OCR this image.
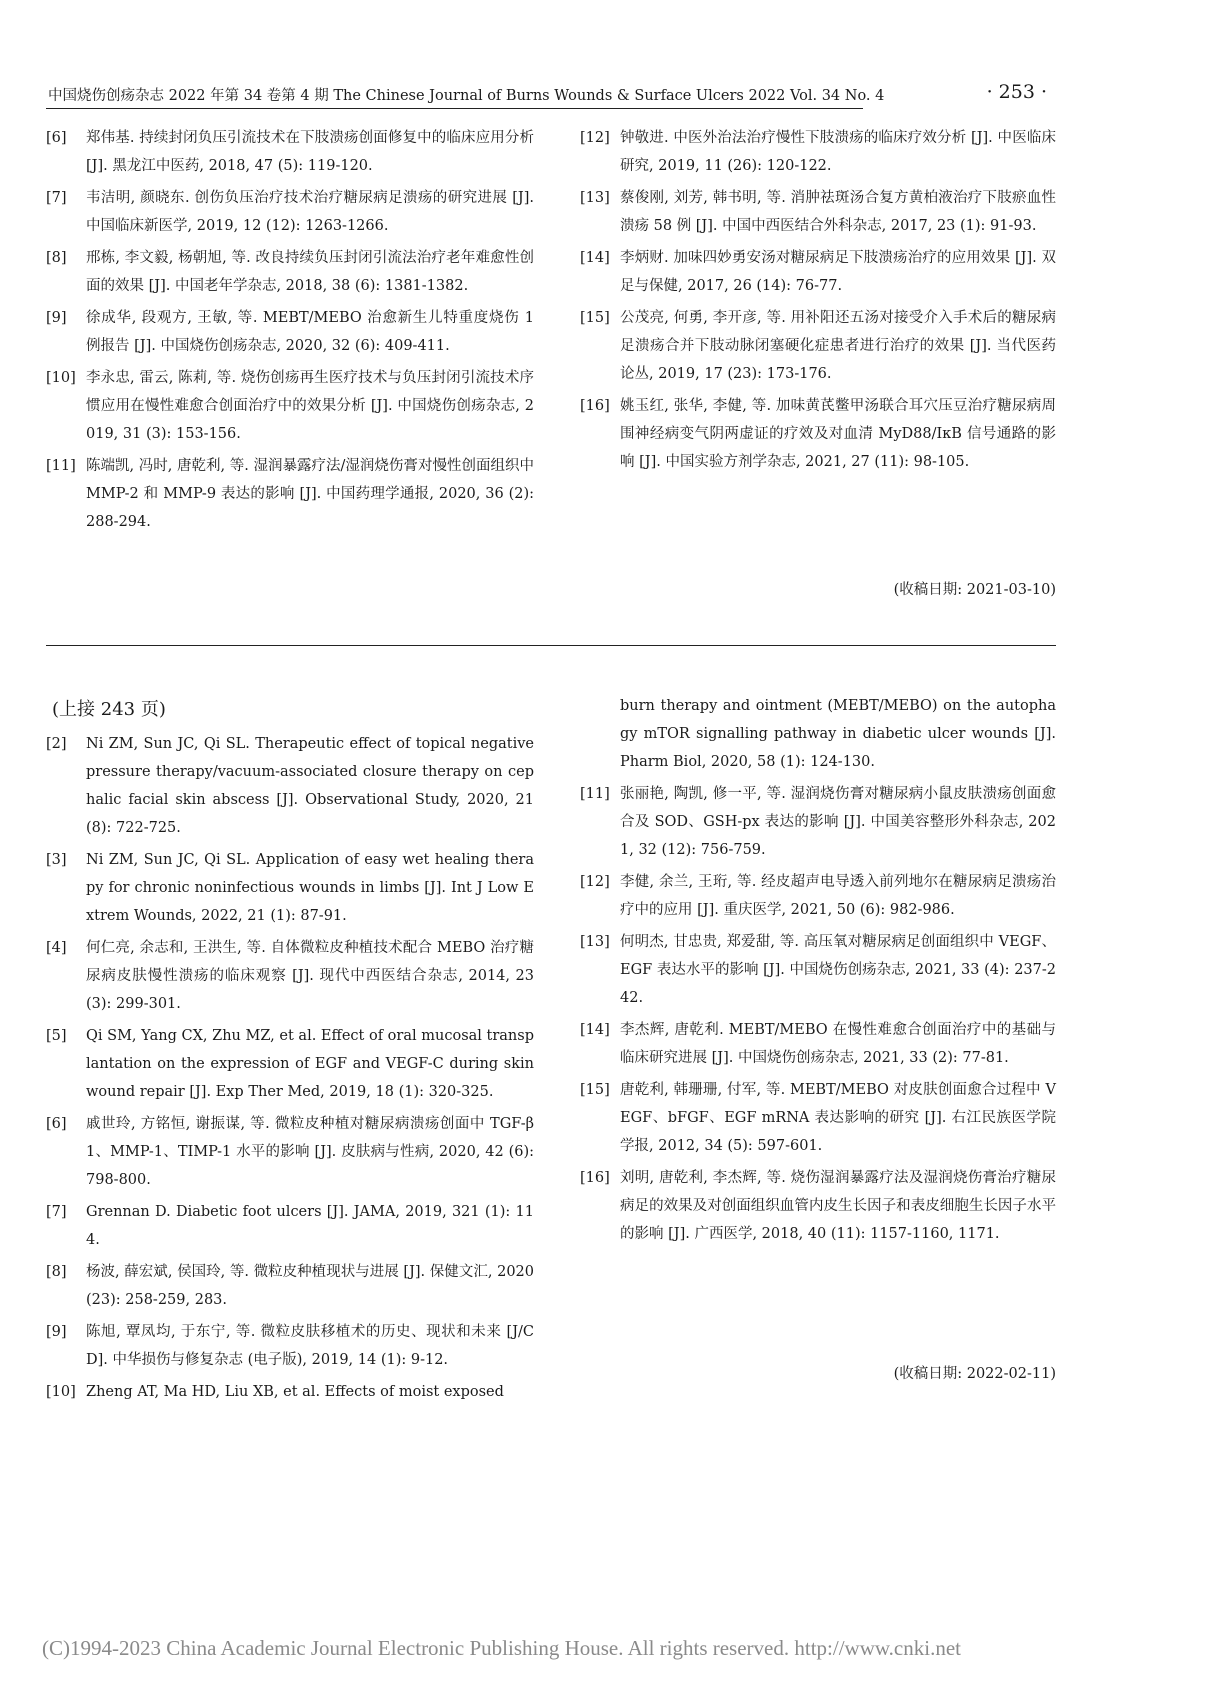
中国烧伤创疡杂志 2022 年第 34 卷第 4 期 The Chinese Journal of Burns Wounds & Surface Ulcers 2022 Vol. 34 No. 4	· 253 ·
[6] 郑伟基. 持续封闭负压引流技术在下肢溃疡创面修复中的临床应用分析 [J]. 黑龙江中医药, 2018, 47 (5): 119-120.
[7] 韦洁明, 颜晓东. 创伤负压治疗技术治疗糖尿病足溃疡的研究进展 [J]. 中国临床新医学, 2019, 12 (12): 1263-1266.
[8] 邢栋, 李文毅, 杨朝旭, 等. 改良持续负压封闭引流法治疗老年难愈性创面的效果 [J]. 中国老年学杂志, 2018, 38 (6): 1381-1382.
[9] 徐成华, 段观方, 王敏, 等. MEBT/MEBO 治愈新生儿特重度烧伤 1 例报告 [J]. 中国烧伤创疡杂志, 2020, 32 (6): 409-411.
[10] 李永忠, 雷云, 陈莉, 等. 烧伤创疡再生医疗技术与负压封闭引流技术序惯应用在慢性难愈合创面治疗中的效果分析 [J]. 中国烧伤创疡杂志, 2019, 31 (3): 153-156.
[11] 陈端凯, 冯时, 唐乾利, 等. 湿润暴露疗法/湿润烧伤膏对慢性创面组织中 MMP-2 和 MMP-9 表达的影响 [J]. 中国药理学通报, 2020, 36 (2): 288-294.
[12] 钟敬进. 中医外治法治疗慢性下肢溃疡的临床疗效分析 [J]. 中医临床研究, 2019, 11 (26): 120-122.
[13] 蔡俊刚, 刘芳, 韩书明, 等. 消肿祛斑汤合复方黄柏液治疗下肢瘀血性溃疡 58 例 [J]. 中国中西医结合外科杂志, 2017, 23 (1): 91-93.
[14] 李炳财. 加味四妙勇安汤对糖尿病足下肢溃疡治疗的应用效果 [J]. 双足与保健, 2017, 26 (14): 76-77.
[15] 公茂亮, 何勇, 李开彦, 等. 用补阳还五汤对接受介入手术后的糖尿病足溃疡合并下肢动脉闭塞硬化症患者进行治疗的效果 [J]. 当代医药论丛, 2019, 17 (23): 173-176.
[16] 姚玉红, 张华, 李健, 等. 加味黄芪鳖甲汤联合耳穴压豆治疗糖尿病周围神经病变气阴两虚证的疗效及对血清 MyD88/IκB 信号通路的影响 [J]. 中国实验方剂学杂志, 2021, 27 (11): 98-105.
(收稿日期: 2021-03-10)
(上接 243 页)
[2] Ni ZM, Sun JC, Qi SL. Therapeutic effect of topical negative pressure therapy/vacuum-associated closure therapy on cephalic facial skin abscess [J]. Observational Study, 2020, 21 (8): 722-725.
[3] Ni ZM, Sun JC, Qi SL. Application of easy wet healing therapy for chronic noninfectious wounds in limbs [J]. Int J Low Extrem Wounds, 2022, 21 (1): 87-91.
[4] 何仁亮, 余志和, 王洪生, 等. 自体微粒皮种植技术配合 MEBO 治疗糖尿病皮肤慢性溃疡的临床观察 [J]. 现代中西医结合杂志, 2014, 23 (3): 299-301.
[5] Qi SM, Yang CX, Zhu MZ, et al. Effect of oral mucosal transplantation on the expression of EGF and VEGF-C during skin wound repair [J]. Exp Ther Med, 2019, 18 (1): 320-325.
[6] 戚世玲, 方铭恒, 谢振谋, 等. 微粒皮种植对糖尿病溃疡创面中 TGF-β1、MMP-1、TIMP-1 水平的影响 [J]. 皮肤病与性病, 2020, 42 (6): 798-800.
[7] Grennan D. Diabetic foot ulcers [J]. JAMA, 2019, 321 (1): 114.
[8] 杨波, 薛宏斌, 侯国玲, 等. 微粒皮种植现状与进展 [J]. 保健文汇, 2020 (23): 258-259, 283.
[9] 陈旭, 覃凤均, 于东宁, 等. 微粒皮肤移植术的历史、现状和未来 [J/CD]. 中华损伤与修复杂志 (电子版), 2019, 14 (1): 9-12.
[10] Zheng AT, Ma HD, Liu XB, et al. Effects of moist exposed
burn therapy and ointment (MEBT/MEBO) on the autophagy mTOR signalling pathway in diabetic ulcer wounds [J]. Pharm Biol, 2020, 58 (1): 124-130.
[11] 张丽艳, 陶凯, 修一平, 等. 湿润烧伤膏对糖尿病小鼠皮肤溃疡创面愈合及 SOD、GSH-px 表达的影响 [J]. 中国美容整形外科杂志, 2021, 32 (12): 756-759.
[12] 李健, 余兰, 王珩, 等. 经皮超声电导透入前列地尔在糖尿病足溃疡治疗中的应用 [J]. 重庆医学, 2021, 50 (6): 982-986.
[13] 何明杰, 甘忠贵, 郑爱甜, 等. 高压氧对糖尿病足创面组织中 VEGF、EGF 表达水平的影响 [J]. 中国烧伤创疡杂志, 2021, 33 (4): 237-242.
[14] 李杰辉, 唐乾利. MEBT/MEBO 在慢性难愈合创面治疗中的基础与临床研究进展 [J]. 中国烧伤创疡杂志, 2021, 33 (2): 77-81.
[15] 唐乾利, 韩珊珊, 付军, 等. MEBT/MEBO 对皮肤创面愈合过程中 VEGF、bFGF、EGF mRNA 表达影响的研究 [J]. 右江民族医学院学报, 2012, 34 (5): 597-601.
[16] 刘明, 唐乾利, 李杰辉, 等. 烧伤湿润暴露疗法及湿润烧伤膏治疗糖尿病足的效果及对创面组织血管内皮生长因子和表皮细胞生长因子水平的影响 [J]. 广西医学, 2018, 40 (11): 1157-1160, 1171.
(收稿日期: 2022-02-11)
(C)1994-2023 China Academic Journal Electronic Publishing House. All rights reserved. http://www.cnki.net
